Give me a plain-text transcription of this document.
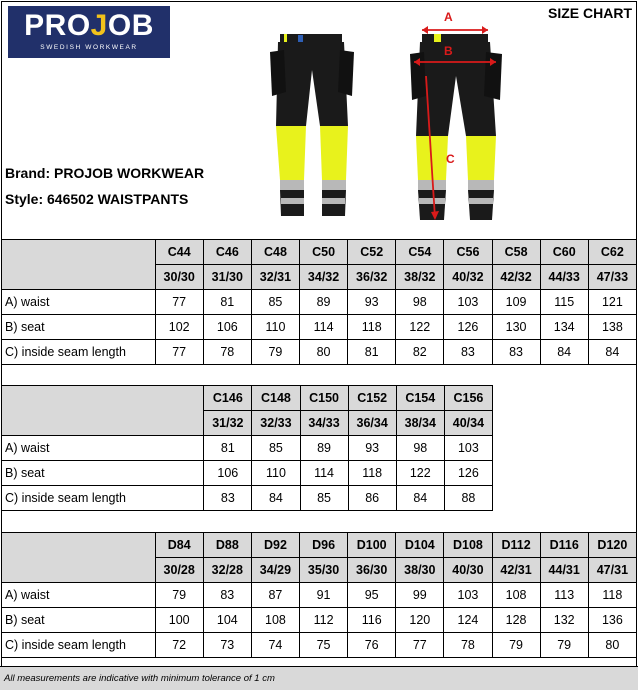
PROJOB
SWEDISH WORKWEAR
SIZE CHART
Brand: PROJOB WORKWEAR
Style: 646502 WAISTPANTS
A
B
C
	C44	C46	C48	C50	C52	C54	C56	C58	C60	C62
	30/30	31/30	32/31	34/32	36/32	38/32	40/32	42/32	44/33	47/33
A) waist	77	81	85	89	93	98	103	109	115	121
B) seat	102	106	110	114	118	122	126	130	134	138
C) inside seam length	77	78	79	80	81	82	83	83	84	84
	C146	C148	C150	C152	C154	C156
	31/32	32/33	34/33	36/34	38/34	40/34
A) waist	81	85	89	93	98	103
B) seat	106	110	114	118	122	126
C) inside seam length	83	84	85	86	84	88
	D84	D88	D92	D96	D100	D104	D108	D112	D116	D120
	30/28	32/28	34/29	35/30	36/30	38/30	40/30	42/31	44/31	47/31
A) waist	79	83	87	91	95	99	103	108	113	118
B) seat	100	104	108	112	116	120	124	128	132	136
C) inside seam length	72	73	74	75	76	77	78	79	79	80
All measurements are indicative with minimum tolerance of 1 cm
